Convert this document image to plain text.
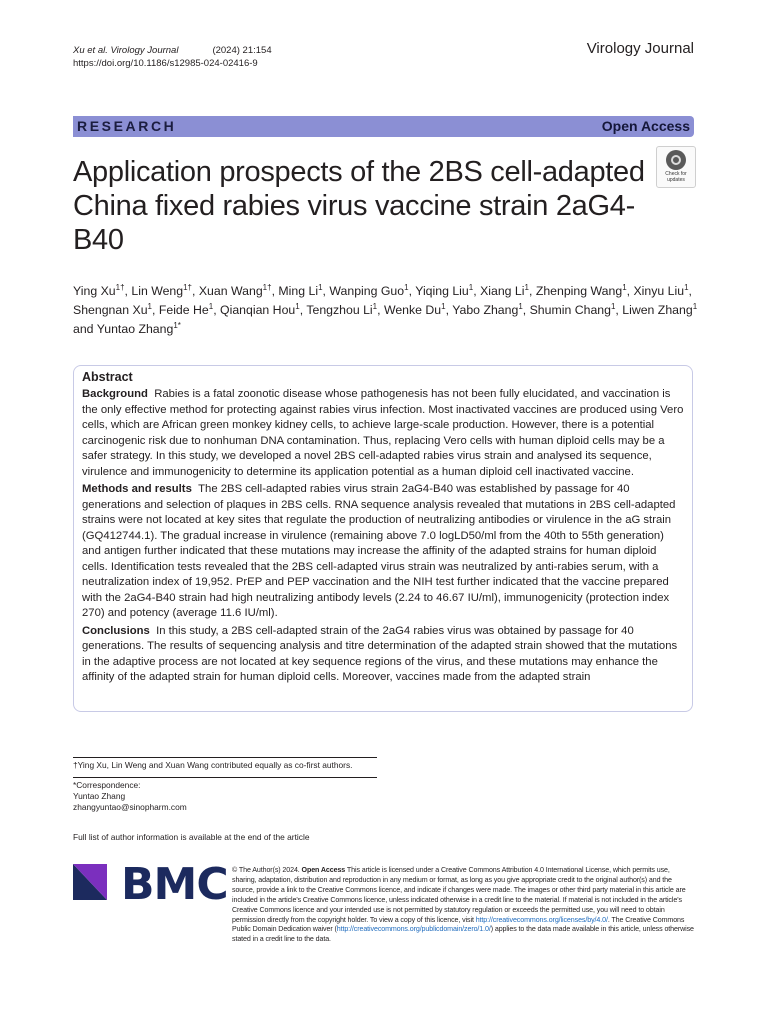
Xu et al. Virology Journal	(2024) 21:154
https://doi.org/10.1186/s12985-024-02416-9
Virology Journal
RESEARCH	Open Access
Check for
updates
Application prospects of the 2BS cell-adapted China fixed rabies virus vaccine strain 2aG4-B40
Ying $Xu^{1\dagger}$, Lin Weng$^{1\dagger}$, Xuan Wang$^{1\dagger}$, Ming Li$^1$, Wanping Guo$^1$, Yiqing Liu$^1$, Xiang Li$^1$, Zhenping Wang$^1$, Xinyu Liu$^1$, Shengnan Xu$^1$, Feide He$^1$, Qianqian Hou$^1$, Tengzhou Li$^1$, Wenke Du$^1$, Yabo Zhang$^1$, Shumin Chang$^1$, Liwen Zhang$^1$ and Yuntao Zhang$^{1*}$
Abstract

Background Rabies is a fatal zoonotic disease whose pathogenesis has not been fully elucidated, and vaccination is the only effective method for protecting against rabies virus infection. Most inactivated vaccines are produced using Vero cells, which are African green monkey kidney cells, to achieve large-scale production. However, there is a potential carcinogenic risk due to nonhuman DNA contamination. Thus, replacing Vero cells with human diploid cells may be a safer strategy. In this study, we developed a novel 2BS cell-adapted rabies virus strain and analysed its sequence, virulence and immunogenicity to determine its application potential as a human diploid cell inactivated vaccine.

Methods and results The 2BS cell-adapted rabies virus strain 2aG4-B40 was established by passage for 40 generations and selection of plaques in 2BS cells. RNA sequence analysis revealed that mutations in 2BS cell-adapted strains were not located at key sites that regulate the production of neutralizing antibodies or virulence in the aG strain (GQ412744.1). The gradual increase in virulence (remaining above 7.0 logLD50/ml from the 40th to 55th generation) and antigen further indicated that these mutations may increase the affinity of the adapted strains for human diploid cells. Identification tests revealed that the 2BS cell-adapted virus strain was neutralized by anti-rabies serum, with a neutralization index of 19,952. PrEP and PEP vaccination and the NIH test further indicated that the vaccine prepared with the 2aG4-B40 strain had high neutralizing antibody levels (2.24 to 46.67 IU/ml), immunogenicity (protection index 270) and potency (average 11.6 IU/ml).

Conclusions In this study, a 2BS cell-adapted strain of the 2aG4 rabies virus was obtained by passage for 40 generations. The results of sequencing analysis and titre determination of the adapted strain showed that the mutations in the adaptive process are not located at key sequence regions of the virus, and these mutations may enhance the affinity of the adapted strain for human diploid cells. Moreover, vaccines made from the adapted strain

†Ying Xu, Lin Weng and Xuan Wang contributed equally as co-first authors.
*Correspondence:
Yuntao Zhang
zhangyuntao@sinopharm.com
Full list of author information is available at the end of the article
BMC © The Author(s) 2024. Open Access This article is licensed under a Creative Commons Attribution 4.0 International License, which permits use, sharing, adaptation, distribution and reproduction in any medium or format, as long as you give appropriate credit to the original author(s) and the source, provide a link to the Creative Commons licence, and indicate if changes were made. The images or other third party material in this article are included in the article's Creative Commons licence, unless indicated otherwise in a credit line to the material. If material is not included in the article's Creative Commons licence and your intended use is not permitted by statutory regulation or exceeds the permitted use, you will need to obtain permission directly from the copyright holder. To view a copy of this licence, visit http://creativecommons.org/licenses/by/4.0/. The Creative Commons Public Domain Dedication waiver (http://creativecommons.org/publicdomain/zero/1.0/) applies to the data made available in this article, unless otherwise stated in a credit line to the data.
